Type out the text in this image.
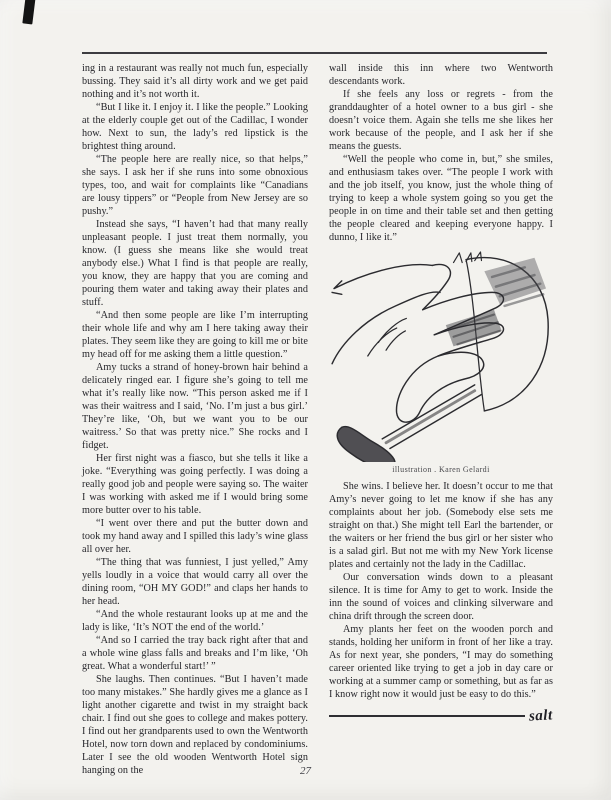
ing in a restaurant was really not much fun, especially bussing. They said it’s all dirty work and we get paid nothing and it’s not worth it.

“But I like it. I enjoy it. I like the people.” Looking at the elderly couple get out of the Cadillac, I wonder how. Next to sun, the lady’s red lipstick is the brightest thing around.

“The people here are really nice, so that helps,” she says. I ask her if she runs into some obnoxious types, too, and wait for complaints like “Canadians are lousy tippers” or “People from New Jersey are so pushy.”

Instead she says, “I haven’t had that many really unpleasant people. I just treat them normally, you know. (I guess she means like she would treat anybody else.) What I find is that people are really, you know, they are happy that you are coming and pouring them water and taking away their plates and stuff.

“And then some people are like I’m interrupting their whole life and why am I here taking away their plates. They seem like they are going to kill me or bite my head off for me asking them a little question.”

Amy tucks a strand of honey-brown hair behind a delicately ringed ear. I figure she’s going to tell me what it’s really like now. “This person asked me if I was their waitress and I said, ‘No. I’m just a bus girl.’ They’re like, ‘Oh, but we want you to be our waitress.’ So that was pretty nice.” She rocks and I fidget.

Her first night was a fiasco, but she tells it like a joke. “Everything was going perfectly. I was doing a really good job and people were saying so. The waiter I was working with asked me if I would bring some more butter over to his table.

“I went over there and put the butter down and took my hand away and I spilled this lady’s wine glass all over her.

“The thing that was funniest, I just yelled,” Amy yells loudly in a voice that would carry all over the dining room, “OH MY GOD!” and claps her hands to her head.

“And the whole restaurant looks up at me and the lady is like, ‘It’s NOT the end of the world.’

“And so I carried the tray back right after that and a whole wine glass falls and breaks and I’m like, ‘Oh great. What a wonderful start!’ ”

She laughs. Then continues. “But I haven’t made too many mistakes.” She hardly gives me a glance as I light another cigarette and twist in my straight back chair. I find out she goes to college and makes pottery. I find out her grandparents used to own the Wentworth Hotel, now torn down and replaced by condominiums. Later I see the old wooden Wentworth Hotel sign hanging on the

wall inside this inn where two Wentworth descendants work.

If she feels any loss or regrets - from the granddaughter of a hotel owner to a bus girl - she doesn’t voice them. Again she tells me she likes her work because of the people, and I ask her if she means the guests.

“Well the people who come in, but,” she smiles, and enthusiasm takes over. “The people I work with and the job itself, you know, just the whole thing of trying to keep a whole system going so you get the people in on time and their table set and then getting the people cleared and keeping everyone happy. I dunno, I like it.”

illustration . Karen Gelardi

She wins. I believe her. It doesn’t occur to me that Amy’s never going to let me know if she has any complaints about her job. (Somebody else sets me straight on that.) She might tell Earl the bartender, or the waiters or her friend the bus girl or her sister who is a salad girl. But not me with my New York license plates and certainly not the lady in the Cadillac.

Our conversation winds down to a pleasant silence. It is time for Amy to get to work. Inside the inn the sound of voices and clinking silverware and china drift through the screen door.

Amy plants her feet on the wooden porch and stands, holding her uniform in front of her like a tray. As for next year, she ponders, “I may do something career oriented like trying to get a job in day care or working at a summer camp or something, but as far as I know right now it would just be easy to do this.”

salt
27
